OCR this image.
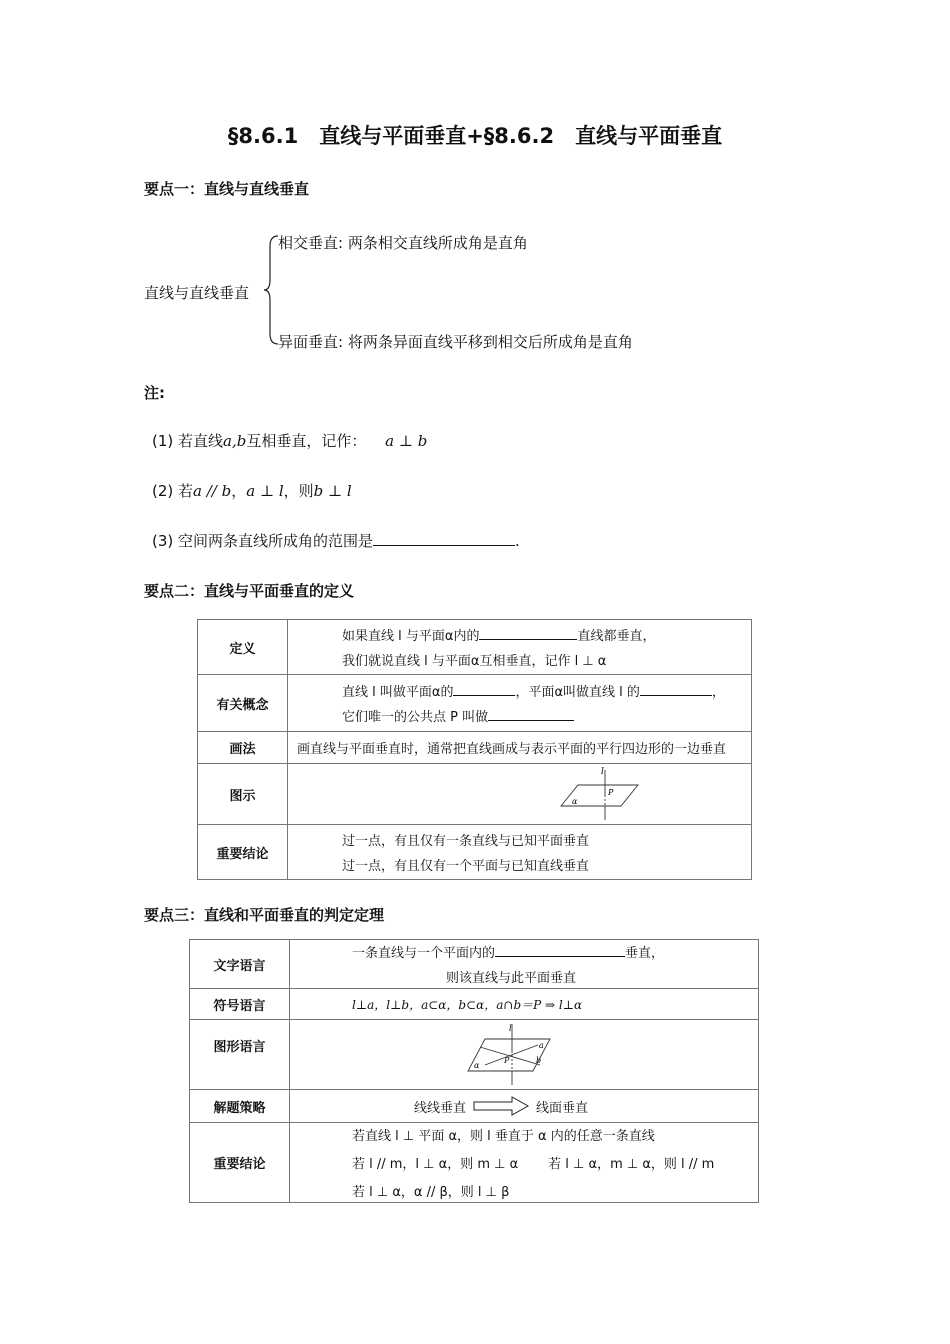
§8.6.1　直线与平面垂直+§8.6.2　直线与平面垂直
要点一：直线与直线垂直
直线与直线垂直
相交垂直: 两条相交直线所成角是直角
异面垂直: 将两条异面直线平移到相交后所成角是直角
注:
(1) 若直线a,b互相垂直，记作： a ⊥ b
(2) 若a // b，a ⊥ l，则b ⊥ l
(3) 空间两条直线所成角的范围是	.
要点二：直线与平面垂直的定义
定义	如果直线 l 与平面α内的 直线都垂直，
我们就说直线 l 与平面α互相垂直，记作 l ⊥ α

有关概念	直线 l 叫做平面α的 ，平面α叫做直线 l 的 ，
它们唯一的公共点 P 叫做

画法	画直线与平面垂直时，通常把直线画成与表示平面的平行四边形的一边垂直
图示	l
P
α

重要结论	过一点，有且仅有一条直线与已知平面垂直
过一点，有且仅有一个平面与已知直线垂直
要点三：直线和平面垂直的判定定理
文字语言	一条直线与一个平面内的 垂直，
则该直线与此平面垂直

符号语言	l⊥a，l⊥b，a⊂α，b⊂α，a∩b＝P ⇒ l⊥α
图形语言	l
P
a
b
α

解题策略	线线垂直 线面垂直

重要结论	若直线 l ⊥ 平面 α，则 l 垂直于 α 内的任意一条直线
若 l // m，l ⊥ α，则 m ⊥ α 若 l ⊥ α，m ⊥ α，则 l // m
若 l ⊥ α，α // β，则 l ⊥ β
